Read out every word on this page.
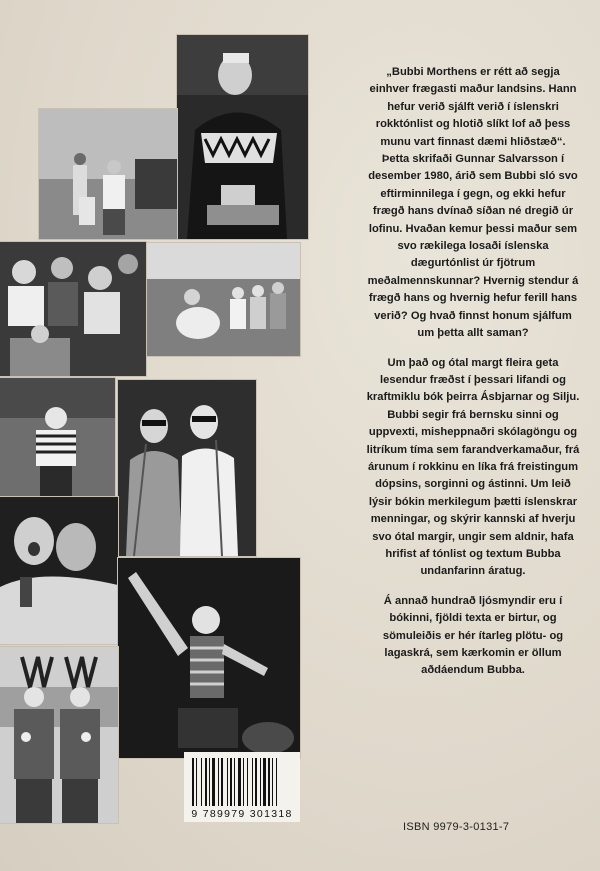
„Bubbi Morthens er rétt að segja einhver frægasti maður landsins. Hann hefur verið sjálft verið í íslenskri rokktónlist og hlotið slíkt lof að þess munu vart finnast dæmi hliðstæð“. Þetta skrifaði Gunnar Salvarsson í desember 1980, árið sem Bubbi sló svo eftirminnilega í gegn, og ekki hefur frægð hans dvínað síðan né dregið úr lofinu. Hvaðan kemur þessi maður sem svo rækilega losaði íslenska dægurtónlist úr fjötrum meðalmennskunnar? Hvernig stendur á frægð hans og hvernig hefur ferill hans verið? Og hvað finnst honum sjálfum um þetta allt saman?

Um það og ótal margt fleira geta lesendur fræðst í þessari lifandi og kraftmiklu bók þeirra Ásbjarnar og Silju. Bubbi segir frá bernsku sinni og uppvexti, misheppnaðri skólagöngu og litríkum tíma sem farandverkamaður, frá árunum í rokkinu en líka frá freistingum dópsins, sorginni og ástinni. Um leið lýsir bókin merkilegum þætti íslenskrar menningar, og skýrir kannski af hverju svo ótal margir, ungir sem aldnir, hafa hrifist af tónlist og textum Bubba undanfarinn áratug.

Á annað hundrað ljósmyndir eru í bókinni, fjöldi texta er birtur, og sömuleiðis er hér ítarleg plötu- og lagaskrá, sem kærkomin er öllum aðdáendum Bubba.

9 789979 301318
ISBN 9979-3-0131-7
